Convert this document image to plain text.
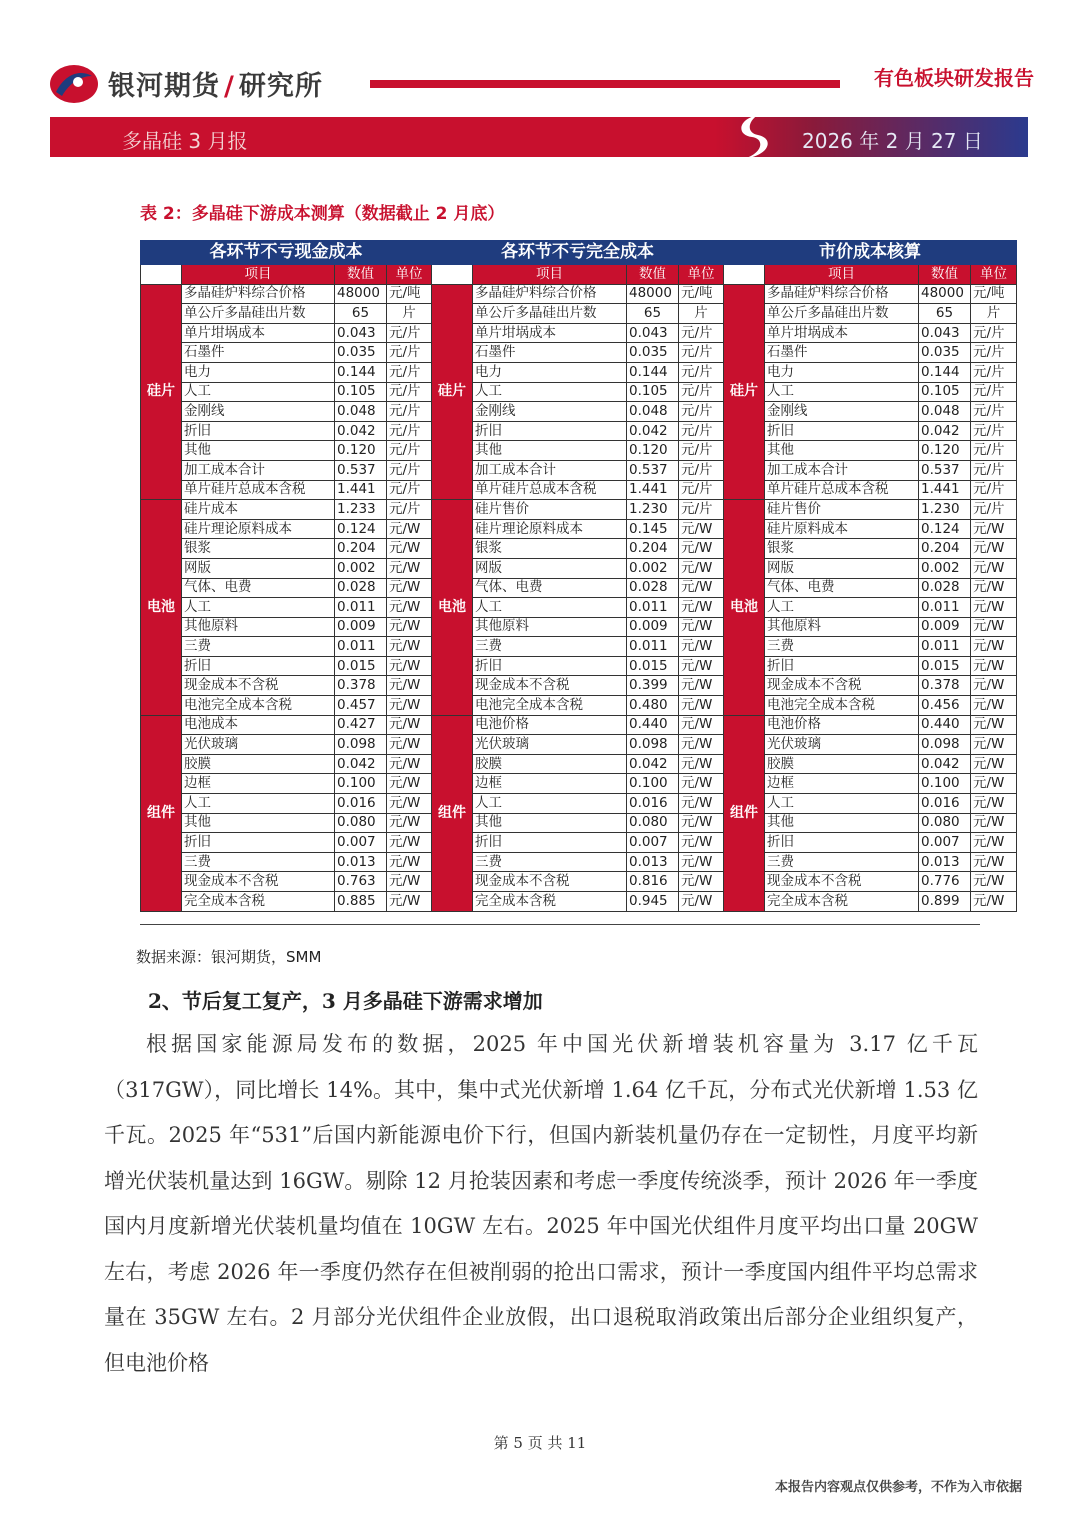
银河期货 / 研究所	有色板块研发报告
多晶硅 3 月报	2026 年 2 月 27 日
表 2：多晶硅下游成本测算（数据截止 2 月底）
各环节不亏现金成本				各环节不亏完全成本				市价成本核算			
	项目	数值	单位		项目	数值	单位		项目	数值	单位
硅片	多晶硅炉料综合价格	48000	元/吨	硅片	多晶硅炉料综合价格	48000	元/吨	硅片	多晶硅炉料综合价格	48000	元/吨
	单公斤多晶硅出片数	65	片		单公斤多晶硅出片数	65	片		单公斤多晶硅出片数	65	片
	单片坩埚成本	0.043	元/片		单片坩埚成本	0.043	元/片		单片坩埚成本	0.043	元/片
	石墨件	0.035	元/片		石墨件	0.035	元/片		石墨件	0.035	元/片
	电力	0.144	元/片		电力	0.144	元/片		电力	0.144	元/片
	人工	0.105	元/片		人工	0.105	元/片		人工	0.105	元/片
	金刚线	0.048	元/片		金刚线	0.048	元/片		金刚线	0.048	元/片
	折旧	0.042	元/片		折旧	0.042	元/片		折旧	0.042	元/片
	其他	0.120	元/片		其他	0.120	元/片		其他	0.120	元/片
	加工成本合计	0.537	元/片		加工成本合计	0.537	元/片		加工成本合计	0.537	元/片
	单片硅片总成本含税	1.441	元/片		单片硅片总成本含税	1.441	元/片		单片硅片总成本含税	1.441	元/片
电池	硅片成本	1.233	元/片	电池	硅片售价	1.230	元/片	电池	硅片售价	1.230	元/片
	硅片理论原料成本	0.124	元/W		硅片理论原料成本	0.145	元/W		硅片原料成本	0.124	元/W
	银浆	0.204	元/W		银浆	0.204	元/W		银浆	0.204	元/W
	网版	0.002	元/W		网版	0.002	元/W		网版	0.002	元/W
	气体、电费	0.028	元/W		气体、电费	0.028	元/W		气体、电费	0.028	元/W
	人工	0.011	元/W		人工	0.011	元/W		人工	0.011	元/W
	其他原料	0.009	元/W		其他原料	0.009	元/W		其他原料	0.009	元/W
	三费	0.011	元/W		三费	0.011	元/W		三费	0.011	元/W
	折旧	0.015	元/W		折旧	0.015	元/W		折旧	0.015	元/W
	现金成本不含税	0.378	元/W		现金成本不含税	0.399	元/W		现金成本不含税	0.378	元/W
	电池完全成本含税	0.457	元/W		电池完全成本含税	0.480	元/W		电池完全成本含税	0.456	元/W
组件	电池成本	0.427	元/W	组件	电池价格	0.440	元/W	组件	电池价格	0.440	元/W
	光伏玻璃	0.098	元/W		光伏玻璃	0.098	元/W		光伏玻璃	0.098	元/W
	胶膜	0.042	元/W		胶膜	0.042	元/W		胶膜	0.042	元/W
	边框	0.100	元/W		边框	0.100	元/W		边框	0.100	元/W
	人工	0.016	元/W		人工	0.016	元/W		人工	0.016	元/W
	其他	0.080	元/W		其他	0.080	元/W		其他	0.080	元/W
	折旧	0.007	元/W		折旧	0.007	元/W		折旧	0.007	元/W
	三费	0.013	元/W		三费	0.013	元/W		三费	0.013	元/W
	现金成本不含税	0.763	元/W		现金成本不含税	0.816	元/W		现金成本不含税	0.776	元/W
	完全成本含税	0.885	元/W		完全成本含税	0.945	元/W		完全成本含税	0.899	元/W
数据来源：银河期货，SMM
2、节后复工复产，3 月多晶硅下游需求增加
根据国家能源局发布的数据，2025 年中国光伏新增装机容量为 3.17 亿千瓦（317GW），同比增长 14%。其中，集中式光伏新增 1.64 亿千瓦，分布式光伏新增 1.53 亿千瓦。2025 年“531”后国内新能源电价下行，但国内新装机量仍存在一定韧性，月度平均新增光伏装机量达到 16GW。剔除 12 月抢装因素和考虑一季度传统淡季，预计 2026 年一季度国内月度新增光伏装机量均值在 10GW 左右。2025 年中国光伏组件月度平均出口量 20GW 左右，考虑 2026 年一季度仍然存在但被削弱的抢出口需求，预计一季度国内组件平均总需求量在 35GW 左右。2 月部分光伏组件企业放假，出口退税取消政策出后部分企业组织复产，但电池价格
第 5 页 共 11
本报告内容观点仅供参考，不作为入市依据
